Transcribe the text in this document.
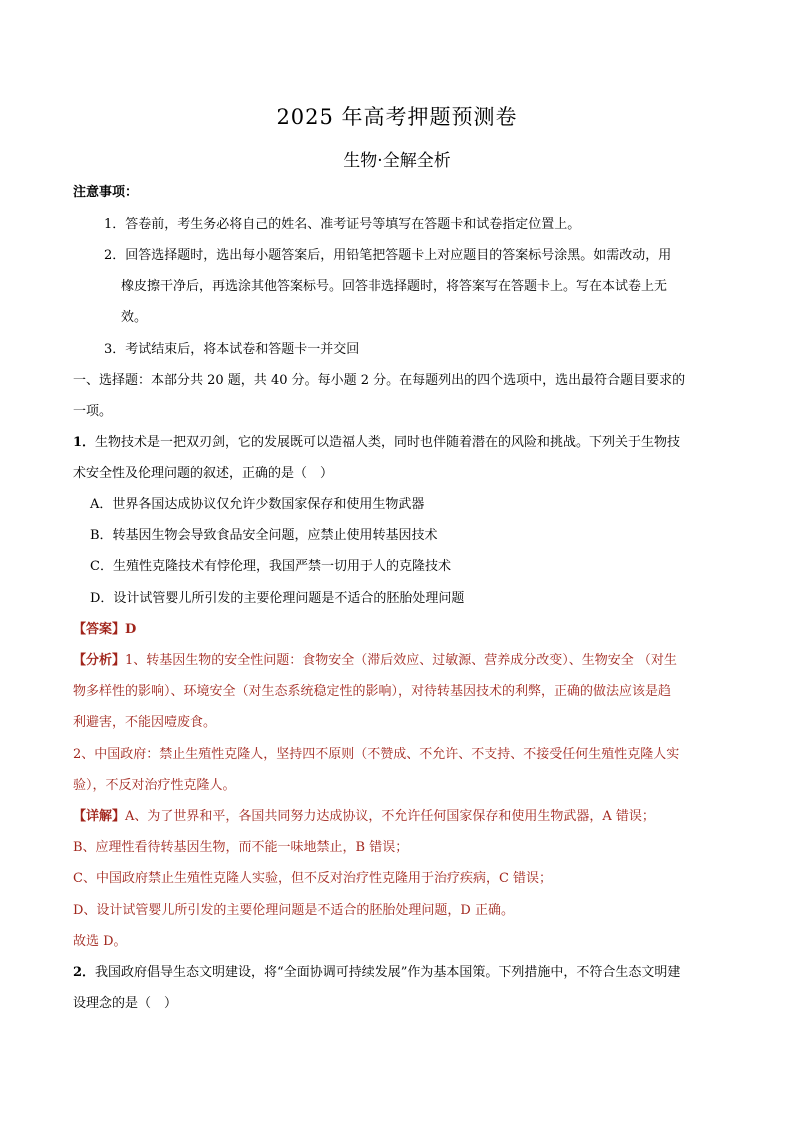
2025 年高考押题预测卷
生物·全解全析
注意事项：
1．答卷前，考生务必将自己的姓名、准考证号等填写在答题卡和试卷指定位置上。
2．回答选择题时，选出每小题答案后，用铅笔把答题卡上对应题目的答案标号涂黑。如需改动，用
橡皮擦干净后，再选涂其他答案标号。回答非选择题时，将答案写在答题卡上。写在本试卷上无
效。
3．考试结束后，将本试卷和答题卡一并交回
一、选择题：本部分共 20 题，共 40 分。每小题 2 分。在每题列出的四个选项中，选出最符合题目要求的
一项。
1．生物技术是一把双刃剑，它的发展既可以造福人类，同时也伴随着潜在的风险和挑战。下列关于生物技
术安全性及伦理问题的叙述，正确的是（　）
A．世界各国达成协议仅允许少数国家保存和使用生物武器
B．转基因生物会导致食品安全问题，应禁止使用转基因技术
C．生殖性克隆技术有悖伦理，我国严禁一切用于人的克隆技术
D．设计试管婴儿所引发的主要伦理问题是不适合的胚胎处理问题
【答案】D
【分析】1、转基因生物的安全性问题：食物安全（滞后效应、过敏源、营养成分改变）、生物安全 （对生
物多样性的影响）、环境安全（对生态系统稳定性的影响），对待转基因技术的利弊，正确的做法应该是趋
利避害，不能因噎废食。
2、中国政府：禁止生殖性克隆人，坚持四不原则（不赞成、不允许、不支持、不接受任何生殖性克隆人实
验），不反对治疗性克隆人。
【详解】A、为了世界和平，各国共同努力达成协议，不允许任何国家保存和使用生物武器，A 错误；
B、应理性看待转基因生物，而不能一味地禁止，B 错误；
C、中国政府禁止生殖性克隆人实验，但不反对治疗性克隆用于治疗疾病，C 错误；
D、设计试管婴儿所引发的主要伦理问题是不适合的胚胎处理问题，D 正确。
故选 D。
2．我国政府倡导生态文明建设，将“全面协调可持续发展”作为基本国策。下列措施中，不符合生态文明建
设理念的是（　）
